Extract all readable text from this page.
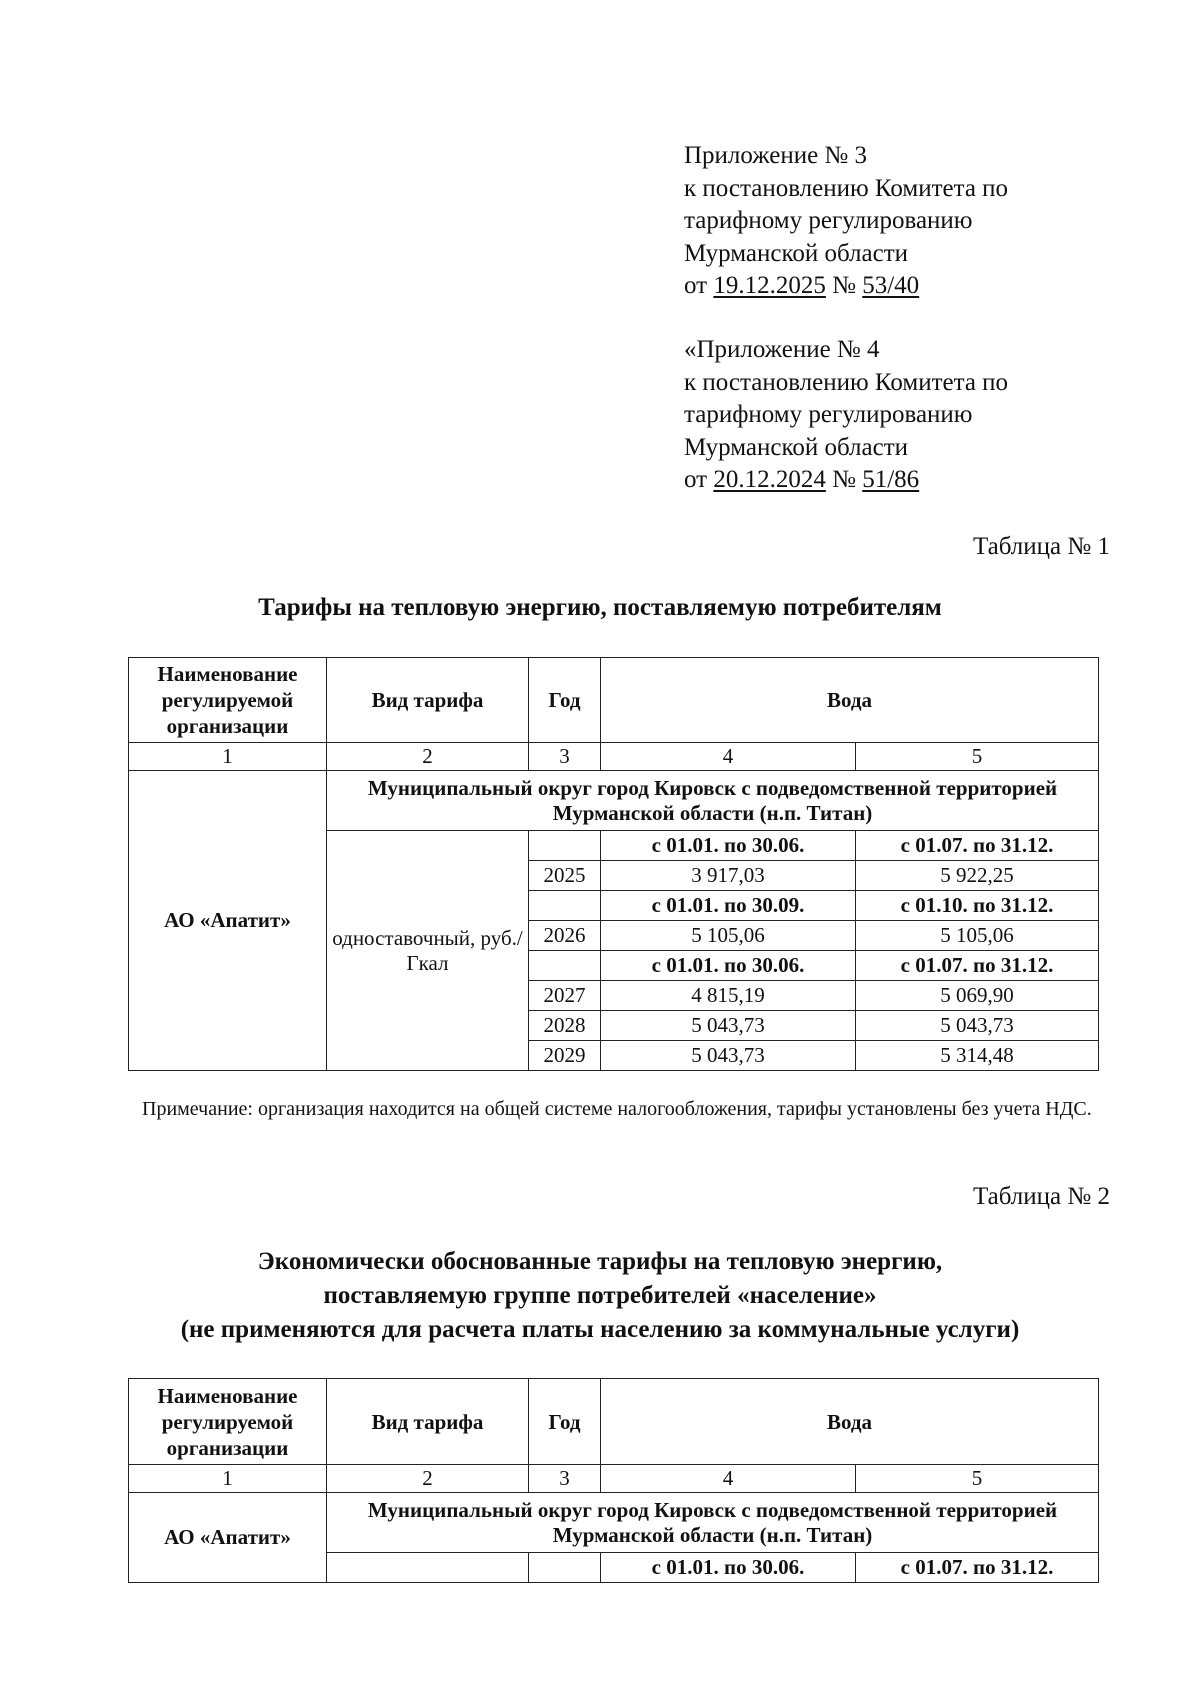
Приложение № 3
к постановлению Комитета по
тарифному регулированию
Мурманской области
от 19.12.2025 № 53/40
«Приложение № 4
к постановлению Комитета по
тарифному регулированию
Мурманской области
от 20.12.2024 № 51/86
Таблица № 1
Тарифы на тепловую энергию, поставляемую потребителям
Наименование регулируемой организации	Вид тарифа	Год	Вода	
1	2	3	4	5
АО «Апатит»	Муниципальный округ город Кировск с подведомственной территорией Мурманской области (н.п. Титан)			
	одноставочный, руб./Гкал		с 01.01. по 30.06.	с 01.07. по 31.12.
		2025	3 917,03	5 922,25
			с 01.01. по 30.09.	с 01.10. по 31.12.
		2026	5 105,06	5 105,06
			с 01.01. по 30.06.	с 01.07. по 31.12.
		2027	4 815,19	5 069,90
		2028	5 043,73	5 043,73
		2029	5 043,73	5 314,48
Примечание: организация находится на общей системе налогообложения, тарифы установлены без учета НДС.
Таблица № 2
Экономически обоснованные тарифы на тепловую энергию,
поставляемую группе потребителей «население»
(не применяются для расчета платы населению за коммунальные услуги)
Наименование регулируемой организации	Вид тарифа	Год	Вода	
1	2	3	4	5
АО «Апатит»	Муниципальный округ город Кировск с подведомственной территорией Мурманской области (н.п. Титан)			
			с 01.01. по 30.06.	с 01.07. по 31.12.
